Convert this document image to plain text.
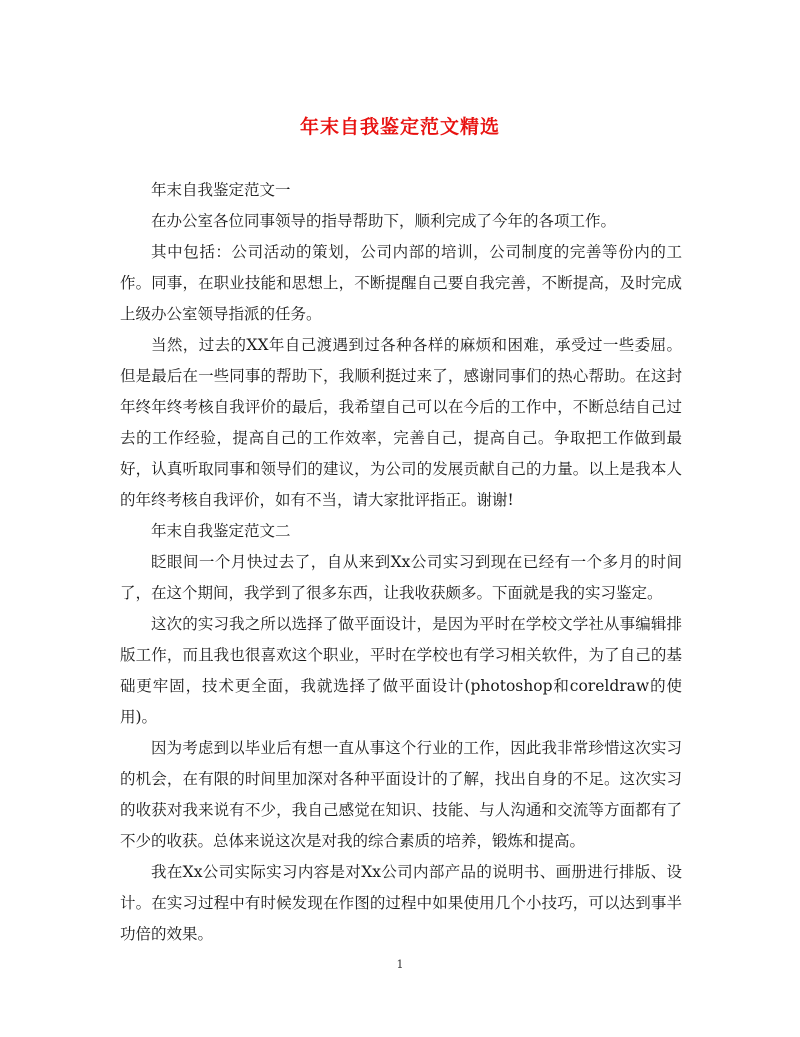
年末自我鉴定范文精选

年末自我鉴定范文一

在办公室各位同事领导的指导帮助下，顺利完成了今年的各项工作。

其中包括：公司活动的策划，公司内部的培训，公司制度的完善等份内的工作。同事，在职业技能和思想上，不断提醒自己要自我完善，不断提高，及时完成上级办公室领导指派的任务。

当然，过去的XX年自己渡遇到过各种各样的麻烦和困难，承受过一些委屈。但是最后在一些同事的帮助下，我顺利挺过来了，感谢同事们的热心帮助。在这封年终年终考核自我评价的最后，我希望自己可以在今后的工作中，不断总结自己过去的工作经验，提高自己的工作效率，完善自己，提高自己。争取把工作做到最好，认真听取同事和领导们的建议，为公司的发展贡献自己的力量。以上是我本人的年终考核自我评价，如有不当，请大家批评指正。谢谢!

年末自我鉴定范文二

眨眼间一个月快过去了，自从来到Xx公司实习到现在已经有一个多月的时间了，在这个期间，我学到了很多东西，让我收获颇多。下面就是我的实习鉴定。

这次的实习我之所以选择了做平面设计，是因为平时在学校文学社从事编辑排版工作，而且我也很喜欢这个职业，平时在学校也有学习相关软件，为了自己的基础更牢固，技术更全面，我就选择了做平面设计(photoshop和coreldraw的使用)。

因为考虑到以毕业后有想一直从事这个行业的工作，因此我非常珍惜这次实习的机会，在有限的时间里加深对各种平面设计的了解，找出自身的不足。这次实习的收获对我来说有不少，我自己感觉在知识、技能、与人沟通和交流等方面都有了不少的收获。总体来说这次是对我的综合素质的培养，锻炼和提高。

我在Xx公司实际实习内容是对Xx公司内部产品的说明书、画册进行排版、设计。在实习过程中有时候发现在作图的过程中如果使用几个小技巧，可以达到事半功倍的效果。

1
